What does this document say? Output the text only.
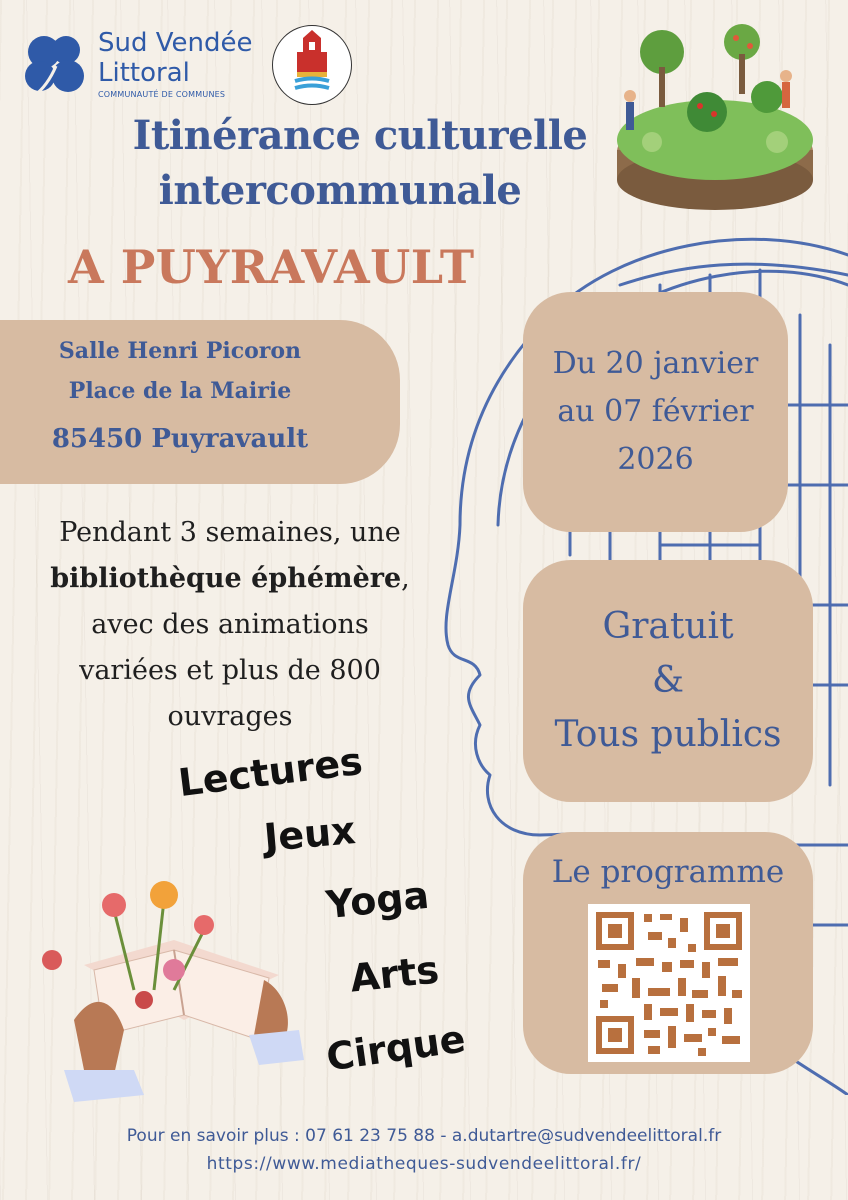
Sud Vendée
Littoral
COMMUNAUTÉ DE COMMUNES
Itinérance culturelle
intercommunale
A PUYRAVAULT
Salle Henri Picoron
Place de la Mairie
85450 Puyravault
Du 20 janvier
au 07 février
2026
Pendant 3 semaines, une
bibliothèque éphémère,
avec des animations
variées et plus de 800
ouvrages
Gratuit
&
Tous publics
Lectures
Jeux
Yoga
Arts
Cirque
Le programme
Pour en savoir plus : 07 61 23 75 88 - a.dutartre@sudvendeelittoral.fr
https://www.mediatheques-sudvendeelittoral.fr/
